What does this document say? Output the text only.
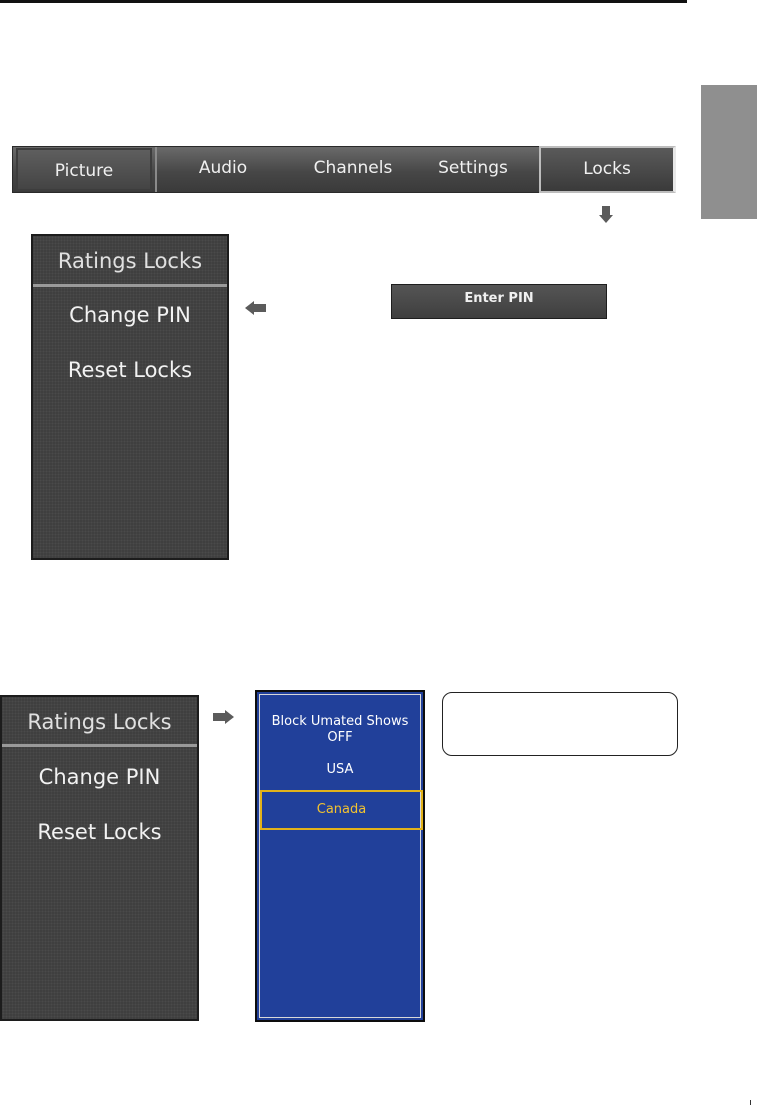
Picture	Audio	Channels	Settings	Locks
Ratings Locks
Change PIN
Reset Locks
Enter PIN
Ratings Locks
Change PIN
Reset Locks
Block Umated Shows
OFF
USA
Canada
